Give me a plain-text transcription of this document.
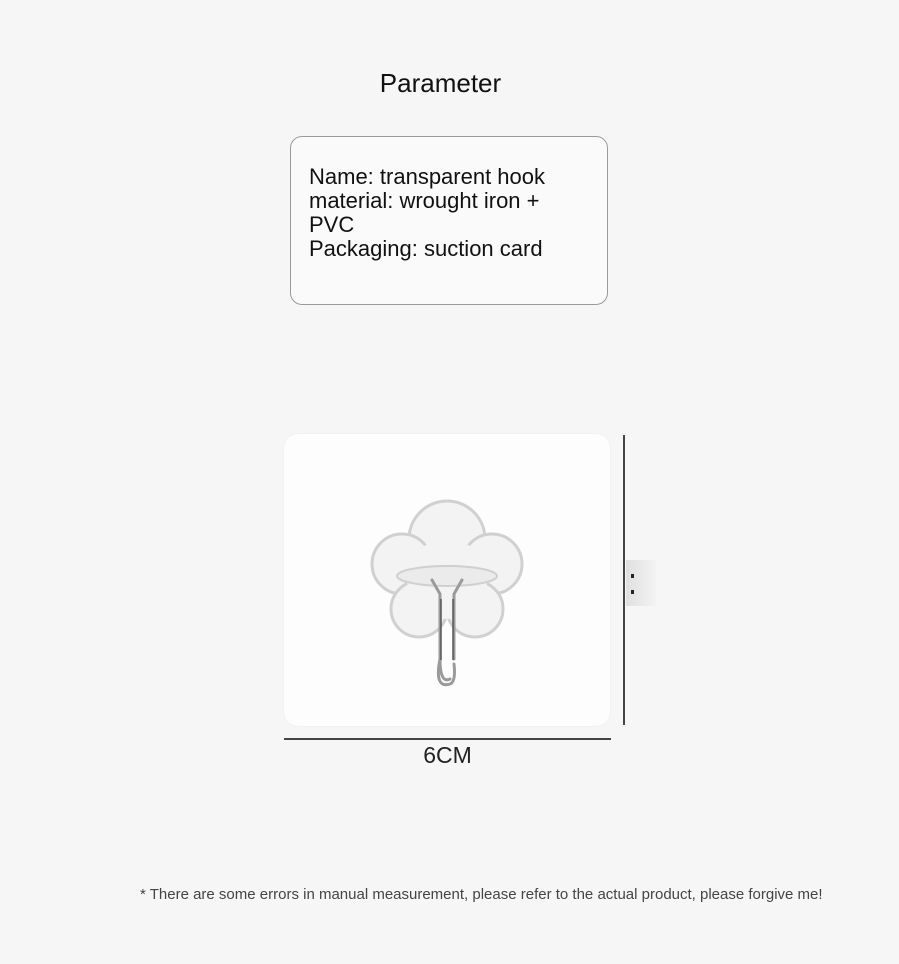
Parameter

Name: transparent hook

material: wrought iron +

PVC

Packaging: suction card

6CM
* There are some errors in manual measurement, please refer to the actual product, please forgive me!
